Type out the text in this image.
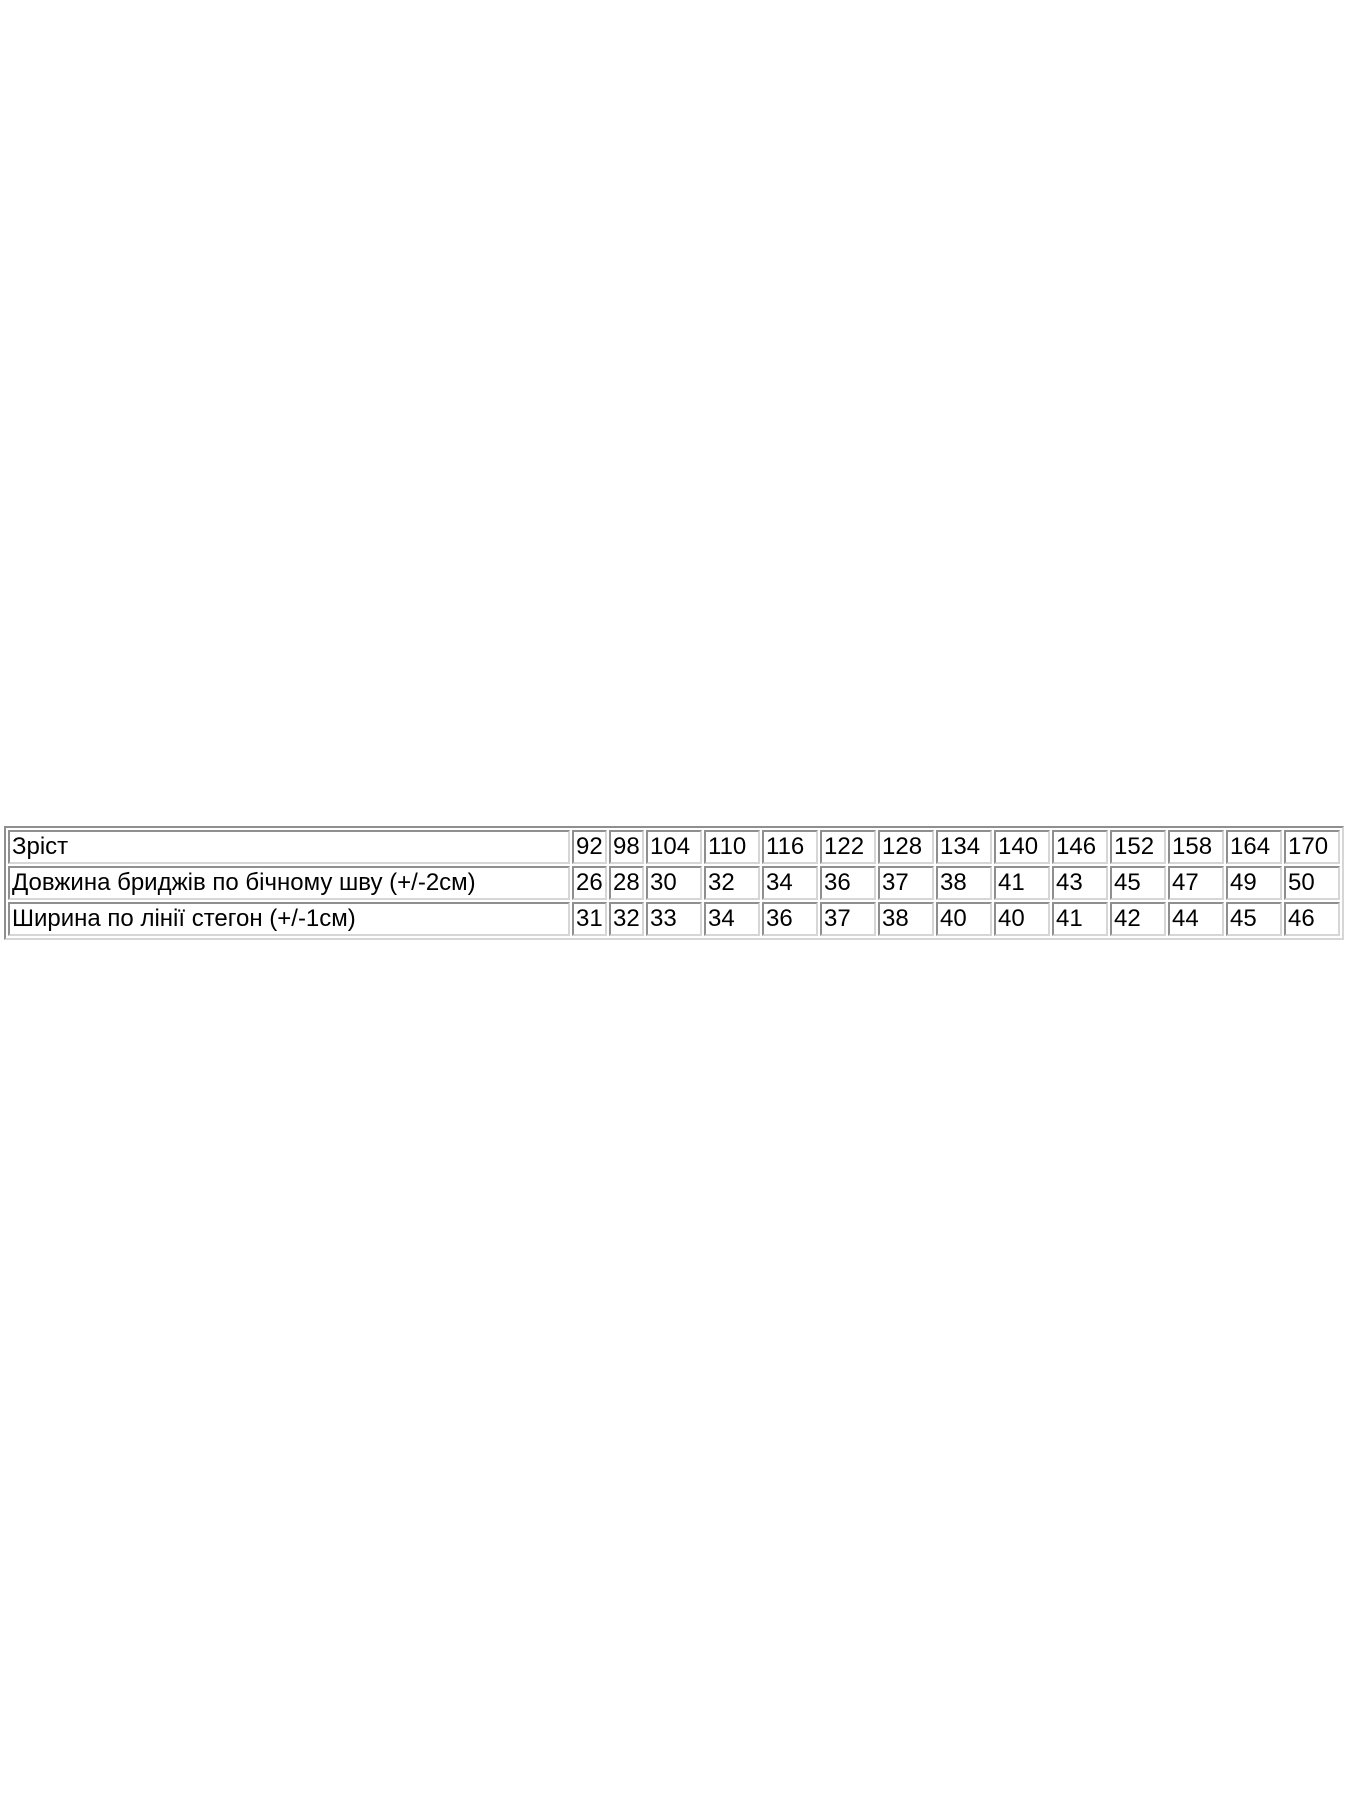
Зріст	92	98	104	110	116	122	128	134	140	146	152	158	164	170
Довжина бриджів по бічному шву (+/-2см)	26	28	30	32	34	36	37	38	41	43	45	47	49	50
Ширина по лінії стегон (+/-1см)	31	32	33	34	36	37	38	40	40	41	42	44	45	46
